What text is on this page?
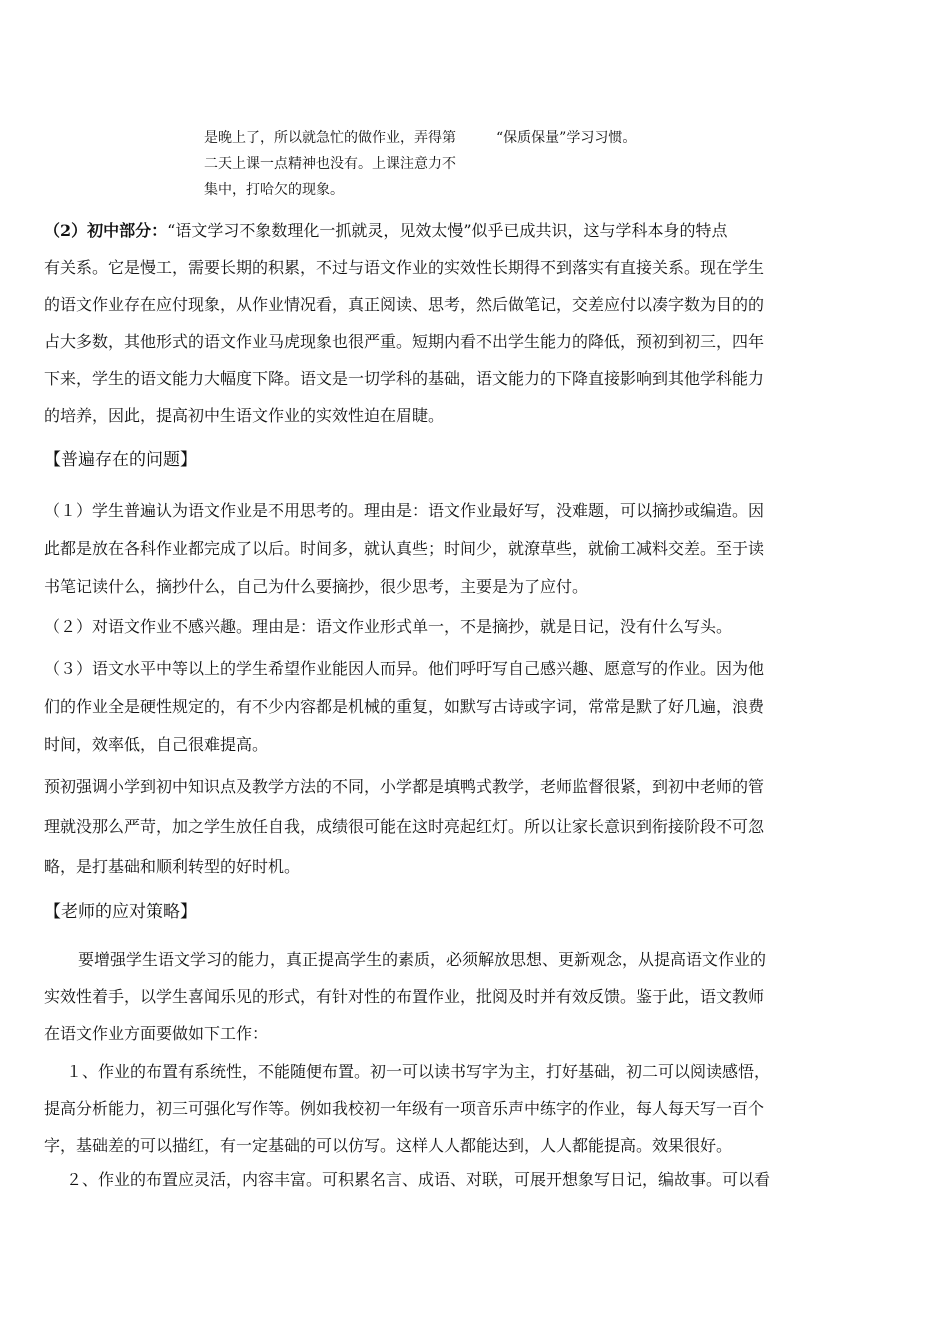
是晚上了，所以就急忙的做作业，弄得第
二天上课一点精神也没有。上课注意力不
集中，打哈欠的现象。
“保质保量”学习习惯。
（2）初中部分：“语文学习不象数理化一抓就灵，见效太慢”似乎已成共识，这与学科本身的特点
有关系。它是慢工，需要长期的积累，不过与语文作业的实效性长期得不到落实有直接关系。现在学生
的语文作业存在应付现象，从作业情况看，真正阅读、思考，然后做笔记，交差应付以凑字数为目的的
占大多数，其他形式的语文作业马虎现象也很严重。短期内看不出学生能力的降低，预初到初三，四年
下来，学生的语文能力大幅度下降。语文是一切学科的基础，语文能力的下降直接影响到其他学科能力
的培养，因此，提高初中生语文作业的实效性迫在眉睫。
【普遍存在的问题】
（１）学生普遍认为语文作业是不用思考的。理由是：语文作业最好写，没难题，可以摘抄或编造。因
此都是放在各科作业都完成了以后。时间多，就认真些；时间少，就潦草些，就偷工减料交差。至于读
书笔记读什么，摘抄什么，自己为什么要摘抄，很少思考，主要是为了应付。
（２）对语文作业不感兴趣。理由是：语文作业形式单一，不是摘抄，就是日记，没有什么写头。
（３）语文水平中等以上的学生希望作业能因人而异。他们呼吁写自己感兴趣、愿意写的作业。因为他
们的作业全是硬性规定的，有不少内容都是机械的重复，如默写古诗或字词，常常是默了好几遍，浪费
时间，效率低，自己很难提高。
预初强调小学到初中知识点及教学方法的不同，小学都是填鸭式教学，老师监督很紧，到初中老师的管
理就没那么严苛，加之学生放任自我，成绩很可能在这时亮起红灯。所以让家长意识到衔接阶段不可忽
略，是打基础和顺利转型的好时机。
【老师的应对策略】
要增强学生语文学习的能力，真正提高学生的素质，必须解放思想、更新观念，从提高语文作业的
实效性着手，以学生喜闻乐见的形式，有针对性的布置作业，批阅及时并有效反馈。鉴于此，语文教师
在语文作业方面要做如下工作：
１、作业的布置有系统性，不能随便布置。初一可以读书写字为主，打好基础，初二可以阅读感悟，
提高分析能力，初三可强化写作等。例如我校初一年级有一项音乐声中练字的作业，每人每天写一百个
字，基础差的可以描红，有一定基础的可以仿写。这样人人都能达到，人人都能提高。效果很好。
２、作业的布置应灵活，内容丰富。可积累名言、成语、对联，可展开想象写日记，编故事。可以看
